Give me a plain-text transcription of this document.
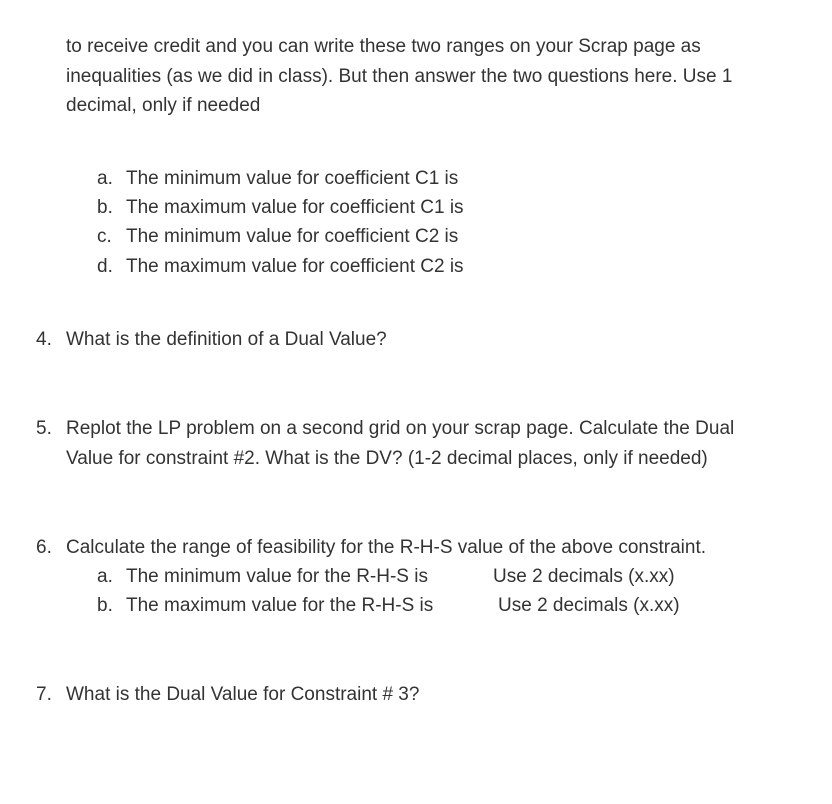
to receive credit and you can write these two ranges on your Scrap page as
inequalities (as we did in class). But then answer the two questions here. Use 1
decimal, only if needed
a. The minimum value for coefficient C1 is
b. The maximum value for coefficient C1 is
c. The minimum value for coefficient C2 is
d. The maximum value for coefficient C2 is
4. What is the definition of a Dual Value?
5. Replot the LP problem on a second grid on your scrap page. Calculate the Dual
Value for constraint #2. What is the DV? (1-2 decimal places, only if needed)
6. Calculate the range of feasibility for the R-H-S value of the above constraint.
a. The minimum value for the R-H-S is	Use 2 decimals (x.xx)
b. The maximum value for the R-H-S is	Use 2 decimals (x.xx)
7. What is the Dual Value for Constraint # 3?
